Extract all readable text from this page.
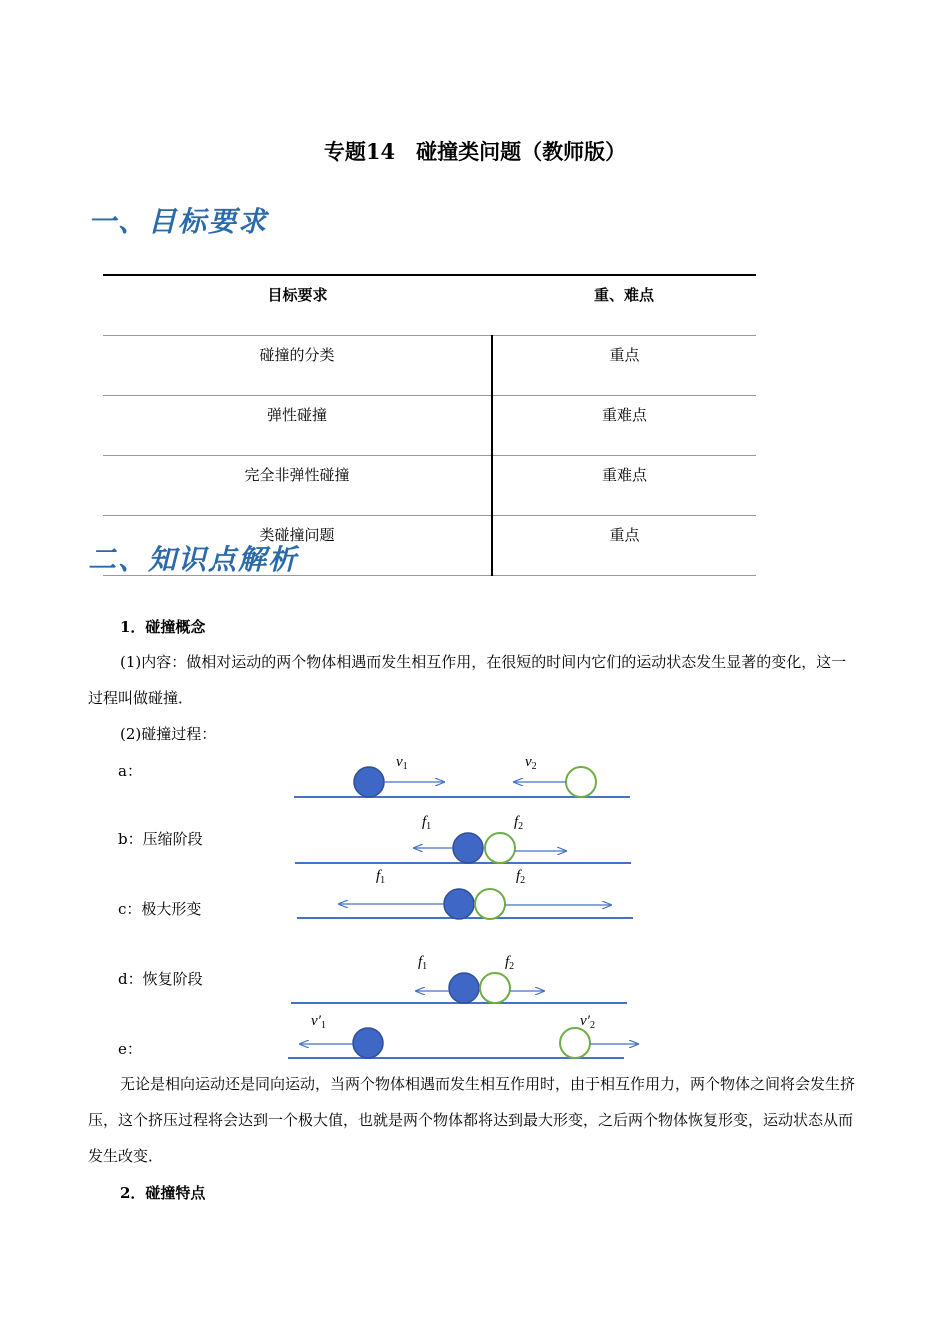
专题14　碰撞类问题（教师版）
一、目标要求
目标要求	重、难点
碰撞的分类	重点
弹性碰撞	重难点
完全非弹性碰撞	重难点
类碰撞问题	重点
二、知识点解析
1．碰撞概念
(1)内容：做相对运动的两个物体相遇而发生相互作用，在很短的时间内它们的运动状态发生显著的变化，这一过程叫做碰撞．
(2)碰撞过程：
a：
b：压缩阶段
c：极大形变
d：恢复阶段
e：
$v_1$	$v_2$
$f_1$	$f_2$
$f_1$	$f_2$
$f_1$	$f_2$
$v'_1$	$v'_2$
无论是相向运动还是同向运动，当两个物体相遇而发生相互作用时，由于相互作用力，两个物体之间将会发生挤压，这个挤压过程将会达到一个极大值，也就是两个物体都将达到最大形变，之后两个物体恢复形变，运动状态从而发生改变．
2．碰撞特点
